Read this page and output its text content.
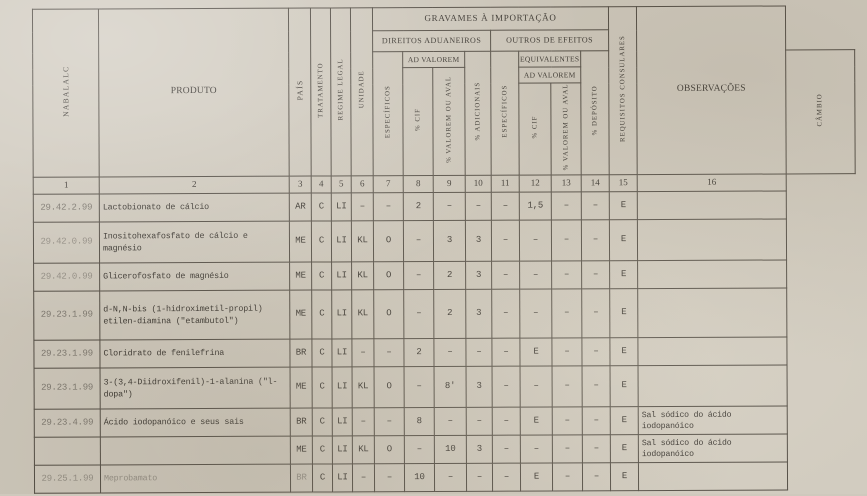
NABALALC	PRODUTO	PAÍS	TRATAMENTO	REGIME LEGAL	UNIDADE	GRAVAMES À IMPORTAÇÃO								REQUISITOS CONSULARES	OBSERVAÇÕES	
						DIREITOS ADUANEIROS				OUTROS DE EFEITOS						
						ESPECÍFICOS	AD VALOREM		% ADICIONAIS	ESPECÍFICOS	EQUIVALENTES		% DEPÓSITO			CÂMBIO
							% CIF	% VALOREM OU AVAL			AD VALOREM					
											% CIF	% VALOREM OU AVAL				
1	2	3	4	5	6	7	8	9	10	11	12	13	14	15	16	
29.42.2.99	Lactobionato de cálcio	AR	C	LI	–	–	2	–	–	–	1,5	–	–	E		
29.42.0.99	Inositohexafosfato de cálcio e magnésio	ME	C	LI	KL	O	–	3	3	–	–	–	–	E		
29.42.0.99	Glicerofosfato de magnésio	ME	C	LI	KL	O	–	2	3	–	–	–	–	E		
29.23.1.99	d-N,N-bis (1-hidroximetil-propil) etilen-diamina ("etambutol")	ME	C	LI	KL	O	–	2	3	–	–	–	–	E		
29.23.1.99	Cloridrato de fenilefrina	BR	C	LI	–	–	2	–	–	–	E	–	–	E		
29.23.1.99	3-(3,4-Diidroxifenil)-1-alanina ("l-dopa")	ME	C	LI	KL	O	–	8'	3	–	–	–	–	E		
29.23.4.99	Ácido iodopanóico e seus sais	BR	C	LI	–	–	8	–	–	–	E	–	–	E	Sal sódico do ácido iodopanóico	
		ME	C	LI	KL	O	–	10	3	–	–	–	–	E	Sal sódico do ácido iodopanóico	
29.25.1.99	Meprobamato	BR	C	LI	–	–	10	–	–	–	E	–	–	E		
